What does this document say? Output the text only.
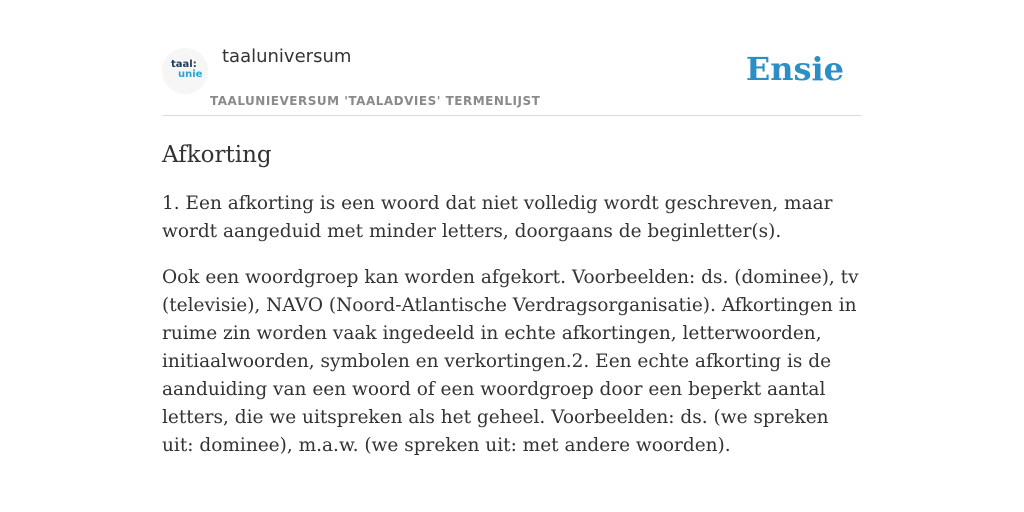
taal:
unie
taaluniversum
TAALUNIEVERSUM 'TAALADVIES' TERMENLIJST
Ensie
Afkorting

1. Een afkorting is een woord dat niet volledig wordt geschreven, maar wordt aangeduid met minder letters, doorgaans de beginletter(s).

Ook een woordgroep kan worden afgekort. Voorbeelden: ds. (dominee), tv (televisie), NAVO (Noord-Atlantische Verdragsorganisatie). Afkortingen in ruime zin worden vaak ingedeeld in echte afkortingen, letterwoorden, initiaalwoorden, symbolen en verkortingen.2. Een echte afkorting is de aanduiding van een woord of een woordgroep door een beperkt aantal letters, die we uitspreken als het geheel. Voorbeelden: ds. (we spreken uit: dominee), m.a.w. (we spreken uit: met andere woorden).
